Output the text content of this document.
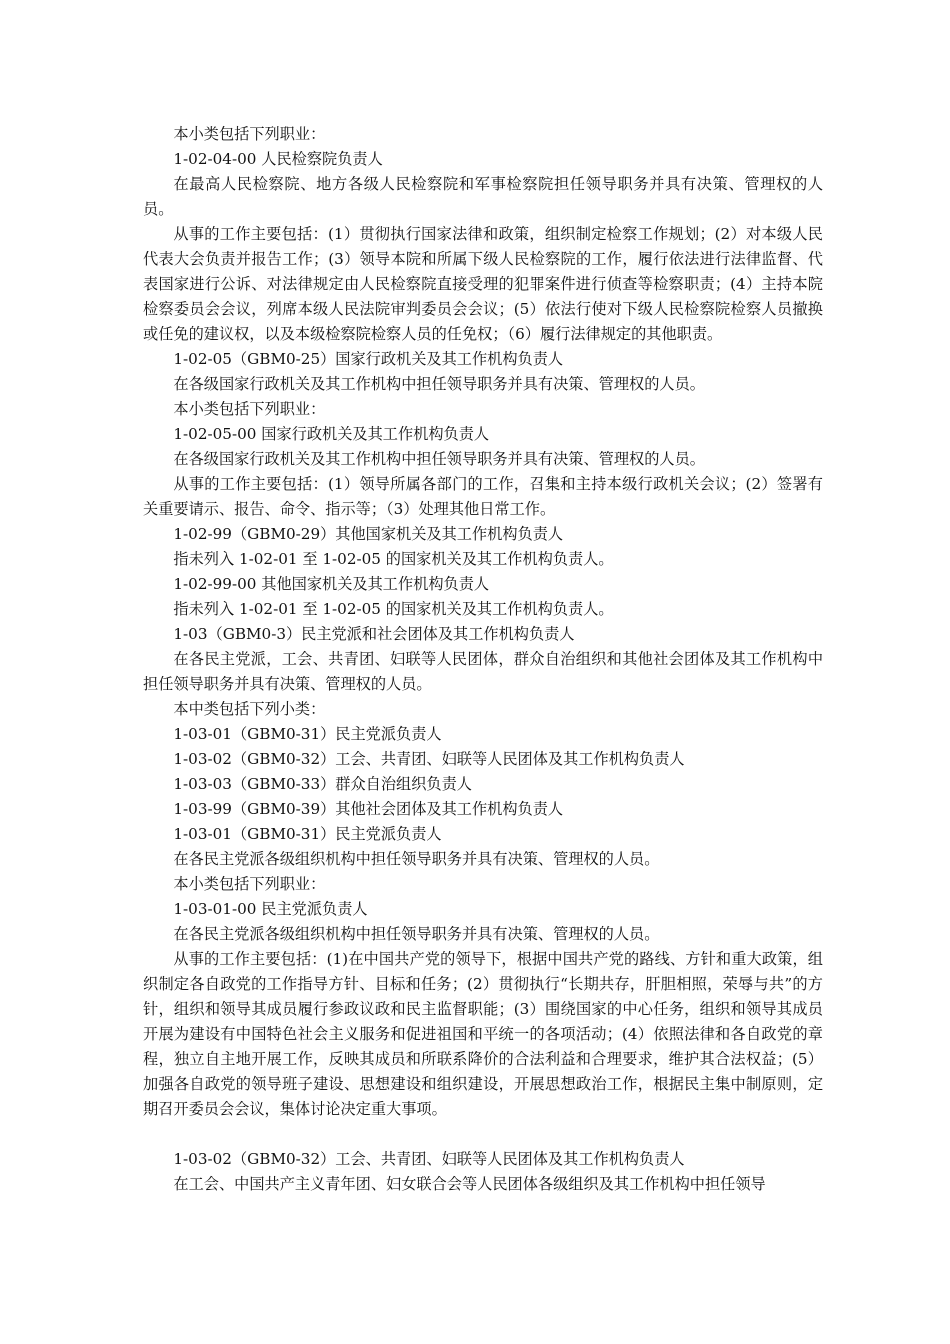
本小类包括下列职业：

1-02-04-00 人民检察院负责人

在最高人民检察院、地方各级人民检察院和军事检察院担任领导职务并具有决策、管理权的人员。

从事的工作主要包括：(1）贯彻执行国家法律和政策，组织制定检察工作规划；(2）对本级人民代表大会负责并报告工作；(3）领导本院和所属下级人民检察院的工作，履行依法进行法律监督、代表国家进行公诉、对法律规定由人民检察院直接受理的犯罪案件进行侦查等检察职责；(4）主持本院检察委员会会议，列席本级人民法院审判委员会会议；(5）依法行使对下级人民检察院检察人员撤换或任免的建议权，以及本级检察院检察人员的任免权；（6）履行法律规定的其他职责。

1-02-05（GBM0-25）国家行政机关及其工作机构负责人

在各级国家行政机关及其工作机构中担任领导职务并具有决策、管理权的人员。

本小类包括下列职业：

1-02-05-00 国家行政机关及其工作机构负责人

在各级国家行政机关及其工作机构中担任领导职务并具有决策、管理权的人员。

从事的工作主要包括：(1）领导所属各部门的工作，召集和主持本级行政机关会议；(2）签署有关重要请示、报告、命令、指示等；（3）处理其他日常工作。

1-02-99（GBM0-29）其他国家机关及其工作机构负责人

指未列入 1-02-01 至 1-02-05 的国家机关及其工作机构负责人。

1-02-99-00 其他国家机关及其工作机构负责人

指未列入 1-02-01 至 1-02-05 的国家机关及其工作机构负责人。

1-03（GBM0-3）民主党派和社会团体及其工作机构负责人

在各民主党派，工会、共青团、妇联等人民团体，群众自治组织和其他社会团体及其工作机构中担任领导职务并具有决策、管理权的人员。

本中类包括下列小类：

1-03-01（GBM0-31）民主党派负责人

1-03-02（GBM0-32）工会、共青团、妇联等人民团体及其工作机构负责人

1-03-03（GBM0-33）群众自治组织负责人

1-03-99（GBM0-39）其他社会团体及其工作机构负责人

1-03-01（GBM0-31）民主党派负责人

在各民主党派各级组织机构中担任领导职务并具有决策、管理权的人员。

本小类包括下列职业：

1-03-01-00 民主党派负责人

在各民主党派各级组织机构中担任领导职务并具有决策、管理权的人员。

从事的工作主要包括：(1)在中国共产党的领导下，根据中国共产党的路线、方针和重大政策，组织制定各自政党的工作指导方针、目标和任务；(2）贯彻执行“长期共存，肝胆相照，荣辱与共”的方针，组织和领导其成员履行参政议政和民主监督职能；(3）围绕国家的中心任务，组织和领导其成员开展为建设有中国特色社会主义服务和促进祖国和平统一的各项活动；(4）依照法律和各自政党的章程，独立自主地开展工作，反映其成员和所联系降价的合法利益和合理要求，维护其合法权益；(5）加强各自政党的领导班子建设、思想建设和组织建设，开展思想政治工作，根据民主集中制原则，定期召开委员会会议，集体讨论决定重大事项。

1-03-02（GBM0-32）工会、共青团、妇联等人民团体及其工作机构负责人

在工会、中国共产主义青年团、妇女联合会等人民团体各级组织及其工作机构中担任领导
